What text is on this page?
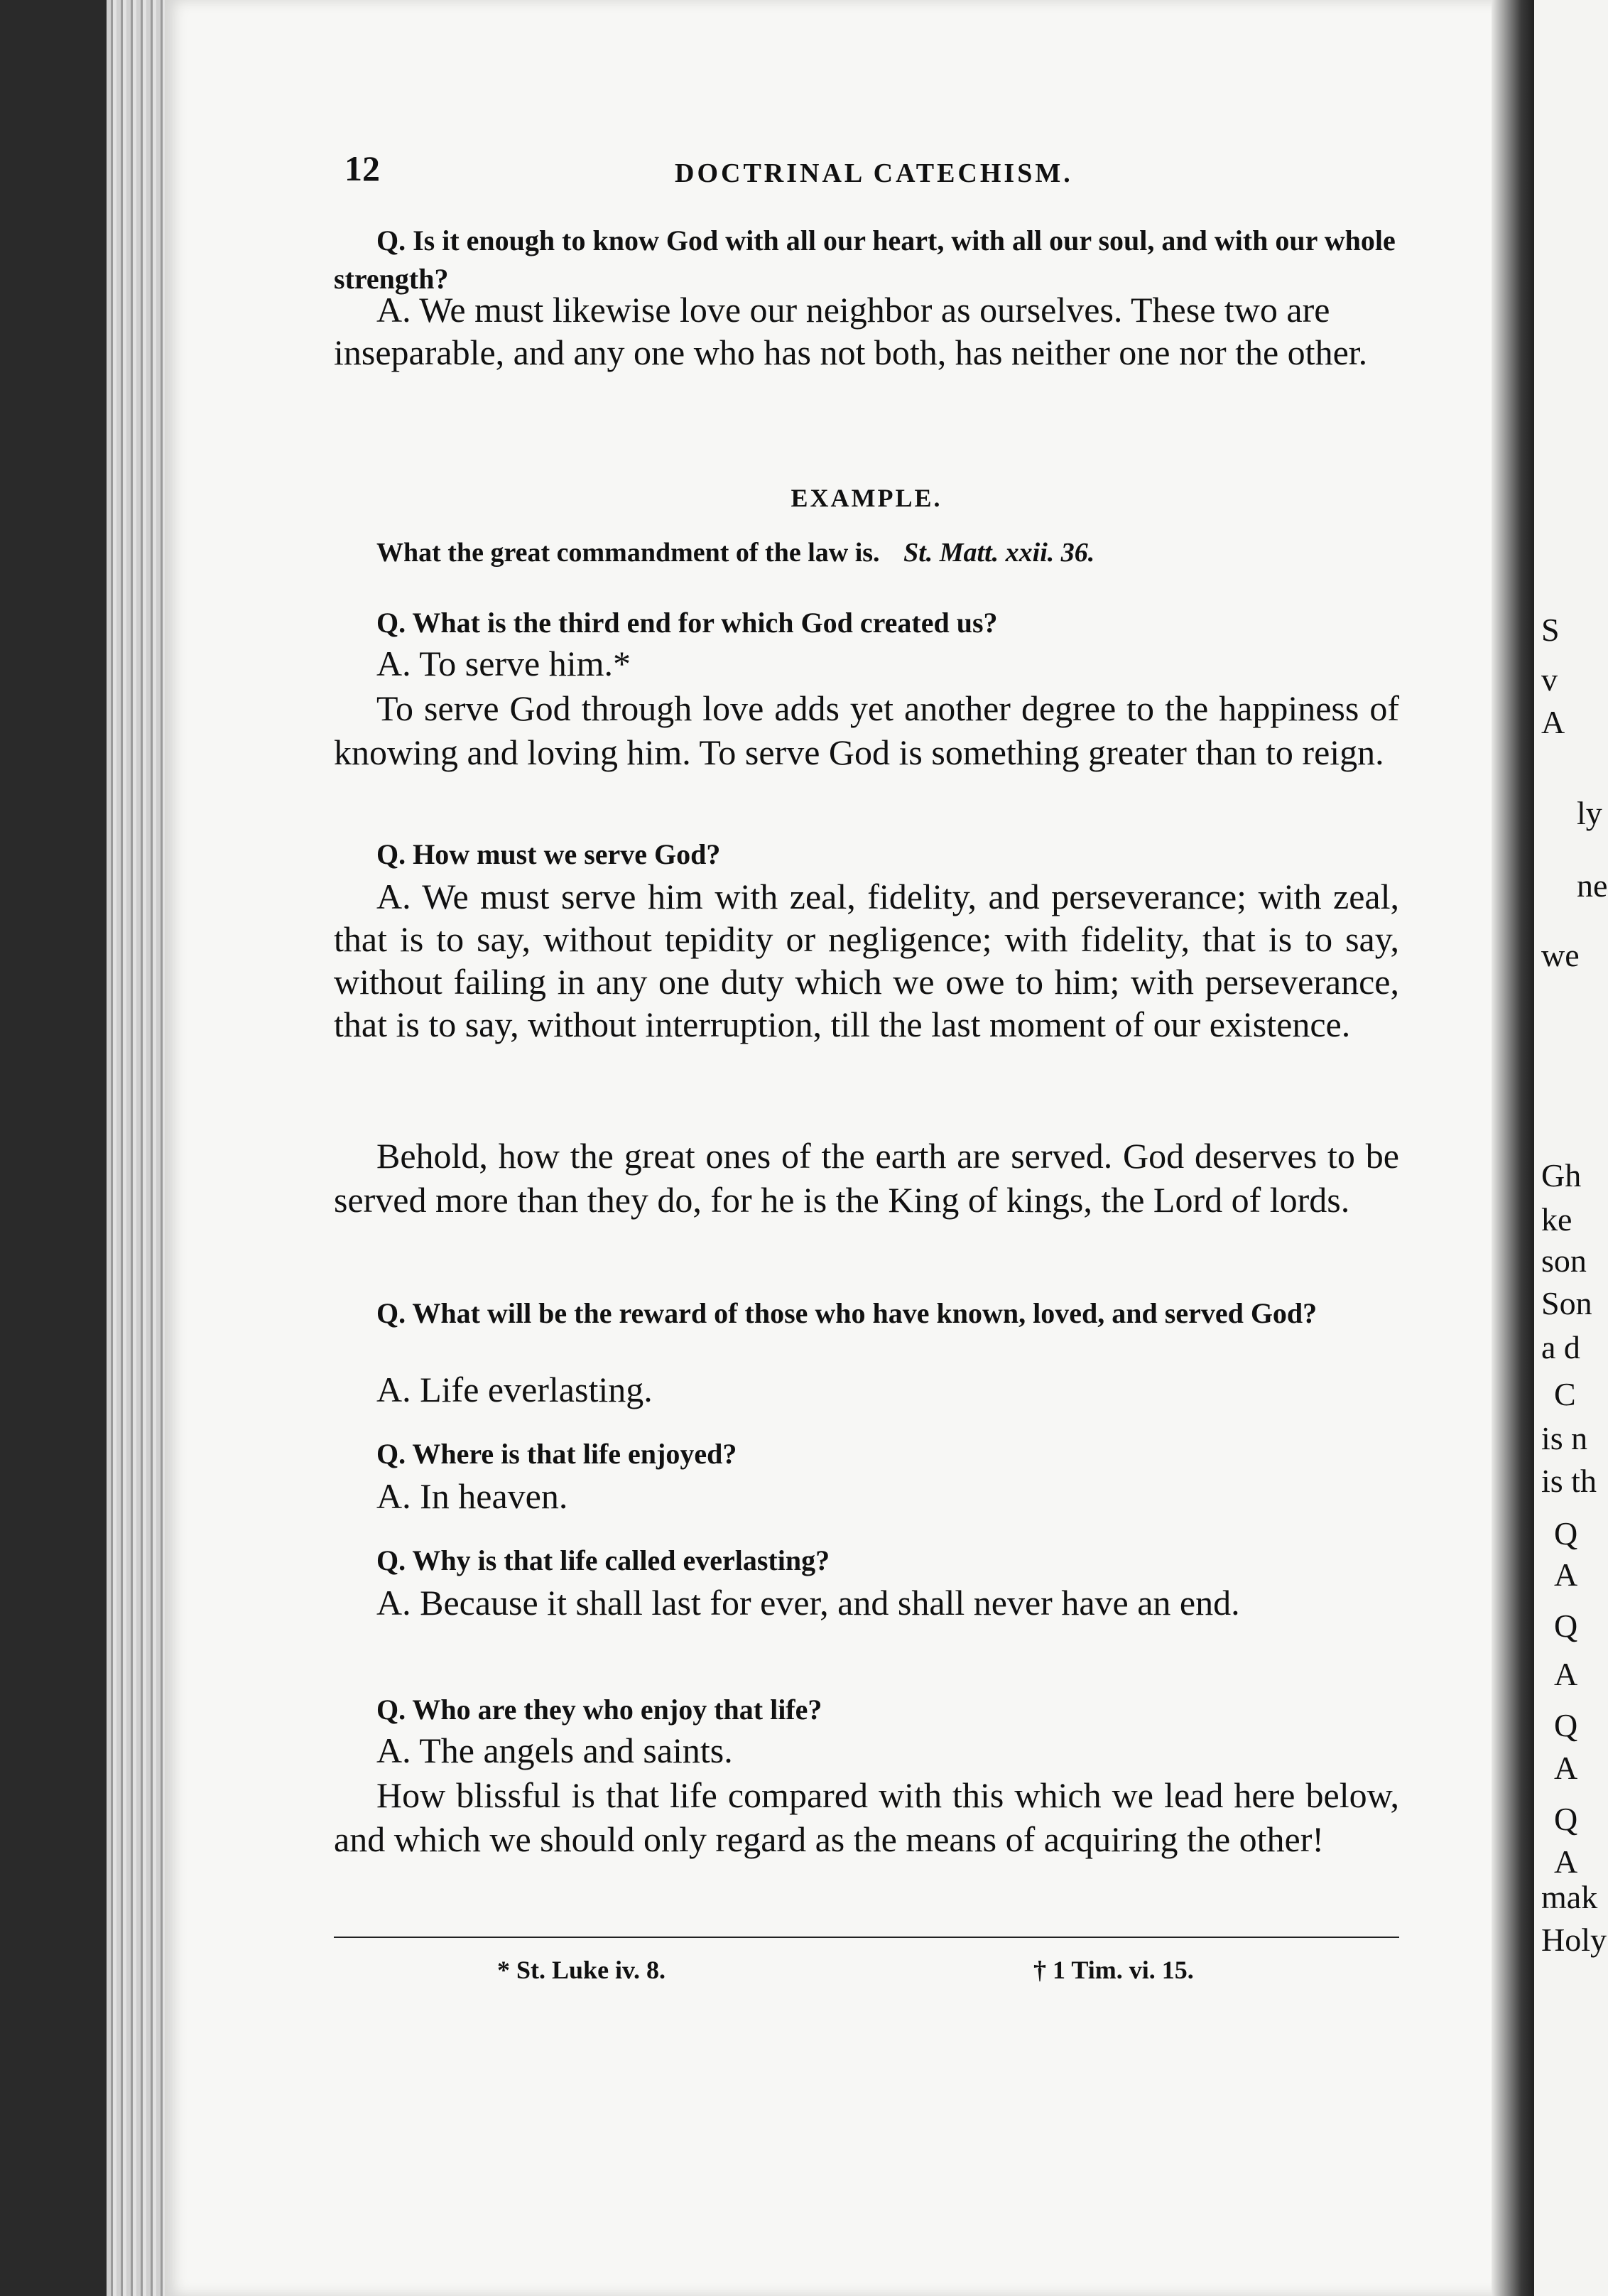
S
v
A
ly
ne
we
Gh
ke
son
Son
a d
C
is n
is th
Q
A
Q
A
Q
A
Q
A
mak
Holy
12	DOCTRINAL CATECHISM.
Q. Is it enough to know God with all our heart, with all our soul, and with our whole strength?
A. We must likewise love our neighbor as ourselves. These two are inseparable, and any one who has not both, has neither one nor the other.
EXAMPLE.
What the great commandment of the law is. St. Matt. xxii. 36.
Q. What is the third end for which God created us?
A. To serve him.*
To serve God through love adds yet another degree to the happiness of knowing and loving him. To serve God is something greater than to reign.
Q. How must we serve God?
A. We must serve him with zeal, fidelity, and perseverance; with zeal, that is to say, without tepidity or negligence; with fidelity, that is to say, without failing in any one duty which we owe to him; with perseverance, that is to say, without interruption, till the last moment of our existence.
Behold, how the great ones of the earth are served. God deserves to be served more than they do, for he is the King of kings, the Lord of lords.
Q. What will be the reward of those who have known, loved, and served God?
A. Life everlasting.
Q. Where is that life enjoyed?
A. In heaven.
Q. Why is that life called everlasting?
A. Because it shall last for ever, and shall never have an end.
Q. Who are they who enjoy that life?
A. The angels and saints.
How blissful is that life compared with this which we lead here below, and which we should only regard as the means of acquiring the other!
* St. Luke iv. 8.	† 1 Tim. vi. 15.
